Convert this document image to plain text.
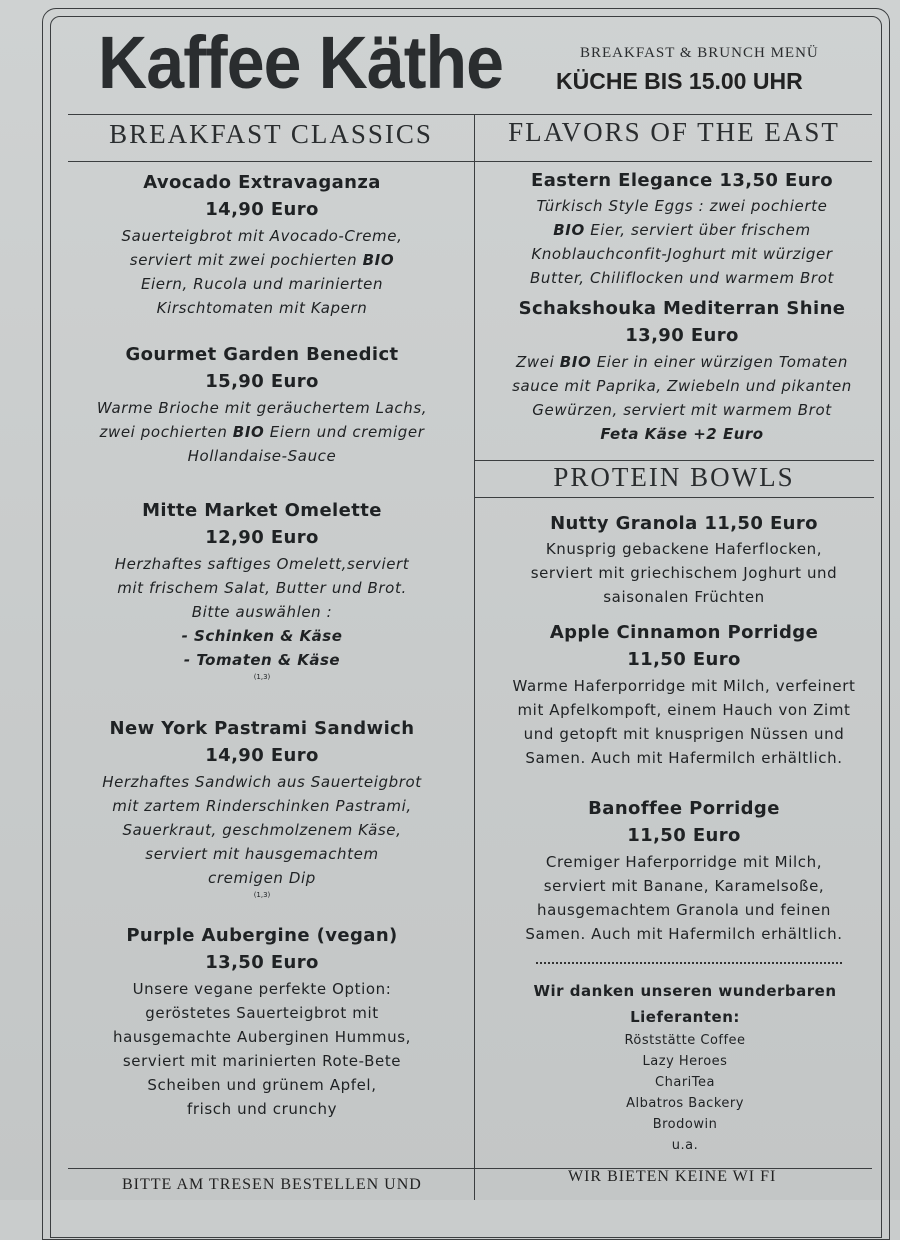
Kaffee Käthe	BREAKFAST & BRUNCH MENÜ
KÜCHE BIS 15.00 UHR
BREAKFAST CLASSICS	FLAVORS OF THE EAST
PROTEIN BOWLS
Avocado Extravaganza
14,90 Euro
Sauerteigbrot mit Avocado-Creme,
serviert mit zwei pochierten BIO
Eiern, Rucola und marinierten
Kirschtomaten mit Kapern
Gourmet Garden Benedict
15,90 Euro
Warme Brioche mit geräuchertem Lachs,
zwei pochierten BIO Eiern und cremiger
Hollandaise-Sauce
Mitte Market Omelette
12,90 Euro
Herzhaftes saftiges Omelett,serviert
mit frischem Salat, Butter und Brot.
Bitte auswählen :
- Schinken & Käse
- Tomaten & Käse
(1,3)
New York Pastrami Sandwich
14,90 Euro
Herzhaftes Sandwich aus Sauerteigbrot
mit zartem Rinderschinken Pastrami,
Sauerkraut, geschmolzenem Käse,
serviert mit hausgemachtem
cremigen Dip
(1,3)
Purple Aubergine (vegan)
13,50 Euro
Unsere vegane perfekte Option:
geröstetes Sauerteigbrot mit
hausgemachte Auberginen Hummus,
serviert mit marinierten Rote-Bete
Scheiben und grünem Apfel,
frisch und crunchy
Eastern Elegance 13,50 Euro
Türkisch Style Eggs : zwei pochierte
BIO Eier, serviert über frischem
Knoblauchconfit-Joghurt mit würziger
Butter, Chiliflocken und warmem Brot
Schakshouka Mediterran Shine
13,90 Euro
Zwei BIO Eier in einer würzigen Tomaten
sauce mit Paprika, Zwiebeln und pikanten
Gewürzen, serviert mit warmem Brot
Feta Käse +2 Euro
Nutty Granola 11,50 Euro
Knusprig gebackene Haferflocken,
serviert mit griechischem Joghurt und
saisonalen Früchten
Apple Cinnamon Porridge
11,50 Euro
Warme Haferporridge mit Milch, verfeinert
mit Apfelkompoft, einem Hauch von Zimt
und getopft mit knusprigen Nüssen und
Samen. Auch mit Hafermilch erhältlich.
Banoffee Porridge
11,50 Euro
Cremiger Haferporridge mit Milch,
serviert mit Banane, Karamelsoße,
hausgemachtem Granola und feinen
Samen. Auch mit Hafermilch erhältlich.
Wir danken unseren wunderbaren
Lieferanten:
Röststätte Coffee
Lazy Heroes
ChariTea
Albatros Backery
Brodowin
u.a.
BITTE AM TRESEN BESTELLEN UND	WIR BIETEN KEINE WI FI
